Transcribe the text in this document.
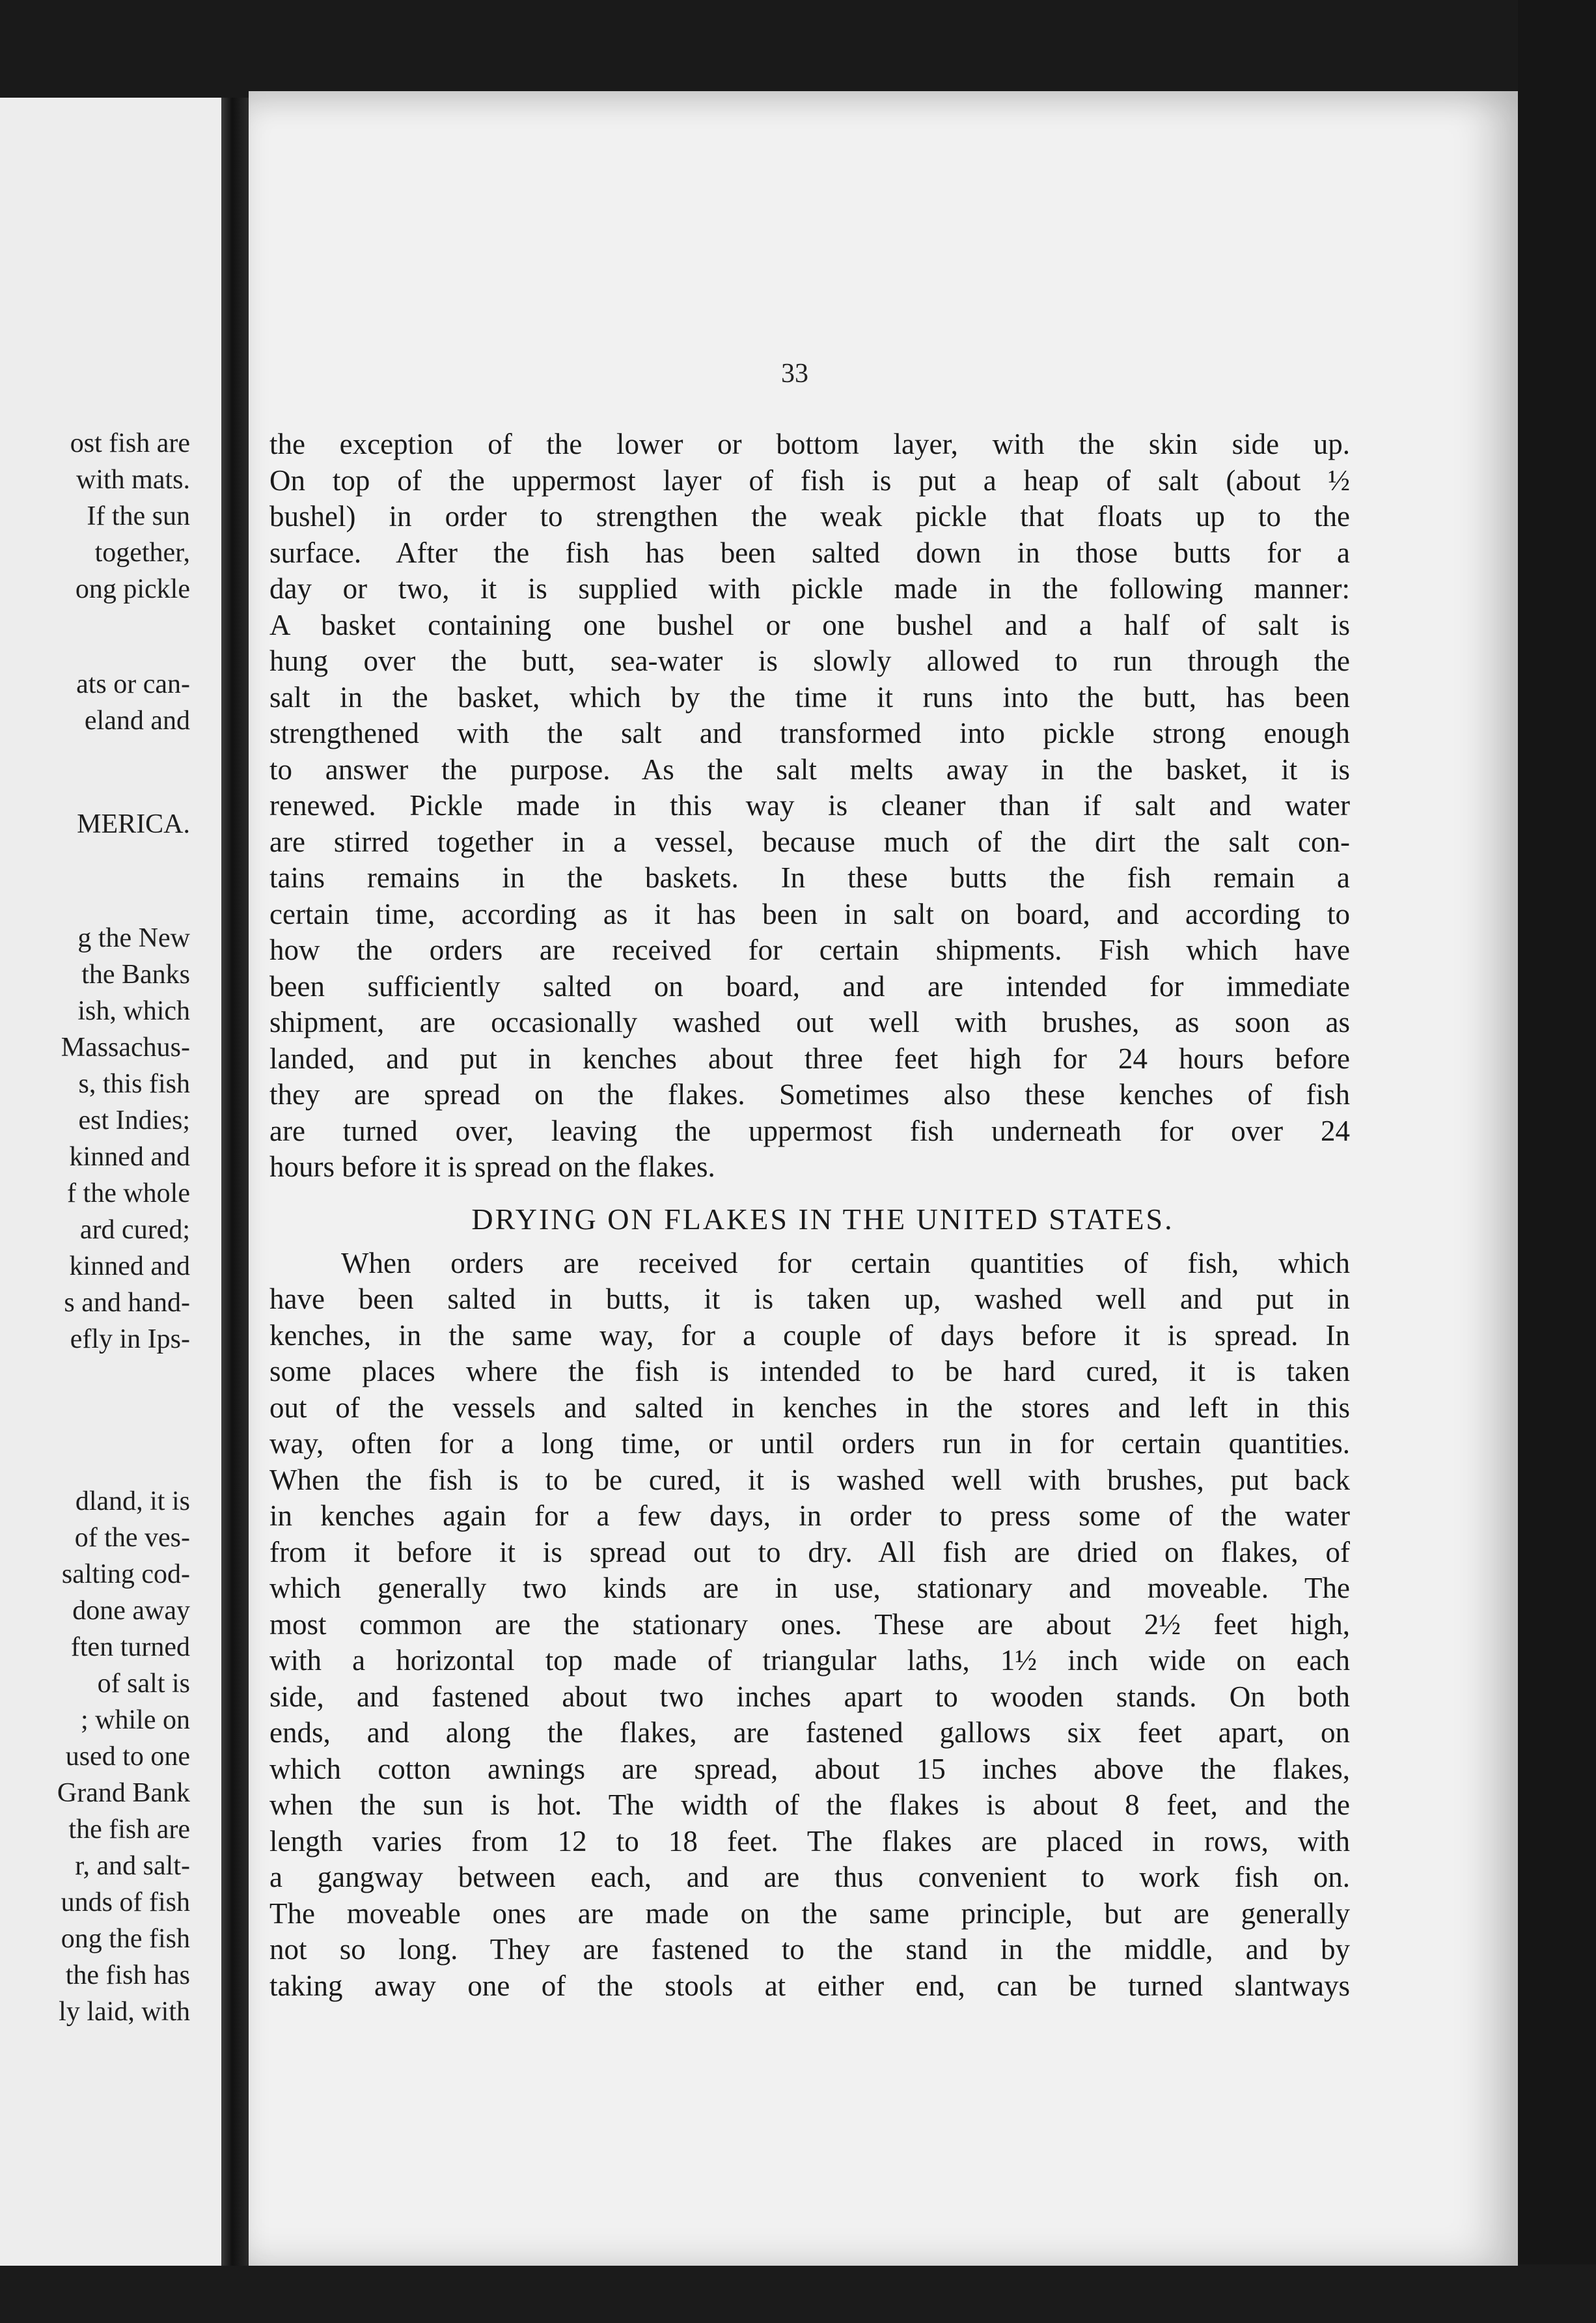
ost fish are
with mats.
If the sun
together,
ong pickle
ats or can-
eland and
MERICA.
g the New
the Banks
ish, which
Massachus-
s, this fish
est Indies;
kinned and
f the whole
ard cured;
kinned and
s and hand-
efly in Ips-
dland, it is
of the ves-
salting cod-
done away
ften turned
of salt is
; while on
used to one
Grand Bank
the fish are
r, and salt-
unds of fish
ong the fish
the fish has
ly laid, with
33
the exception of the lower or bottom layer, with the skin side up.
On top of the uppermost layer of fish is put a heap of salt (about ½
bushel) in order to strengthen the weak pickle that floats up to the
surface. After the fish has been salted down in those butts for a
day or two, it is supplied with pickle made in the following manner:
A basket containing one bushel or one bushel and a half of salt is
hung over the butt, sea-water is slowly allowed to run through the
salt in the basket, which by the time it runs into the butt, has been
strengthened with the salt and transformed into pickle strong enough
to answer the purpose. As the salt melts away in the basket, it is
renewed. Pickle made in this way is cleaner than if salt and water
are stirred together in a vessel, because much of the dirt the salt con-
tains remains in the baskets. In these butts the fish remain a
certain time, according as it has been in salt on board, and according to
how the orders are received for certain shipments. Fish which have
been sufficiently salted on board, and are intended for immediate
shipment, are occasionally washed out well with brushes, as soon as
landed, and put in kenches about three feet high for 24 hours before
they are spread on the flakes. Sometimes also these kenches of fish
are turned over, leaving the uppermost fish underneath for over 24
hours before it is spread on the flakes.
DRYING ON FLAKES IN THE UNITED STATES.
When orders are received for certain quantities of fish, which
have been salted in butts, it is taken up, washed well and put in
kenches, in the same way, for a couple of days before it is spread. In
some places where the fish is intended to be hard cured, it is taken
out of the vessels and salted in kenches in the stores and left in this
way, often for a long time, or until orders run in for certain quantities.
When the fish is to be cured, it is washed well with brushes, put back
in kenches again for a few days, in order to press some of the water
from it before it is spread out to dry. All fish are dried on flakes, of
which generally two kinds are in use, stationary and moveable. The
most common are the stationary ones. These are about 2½ feet high,
with a horizontal top made of triangular laths, 1½ inch wide on each
side, and fastened about two inches apart to wooden stands. On both
ends, and along the flakes, are fastened gallows six feet apart, on
which cotton awnings are spread, about 15 inches above the flakes,
when the sun is hot. The width of the flakes is about 8 feet, and the
length varies from 12 to 18 feet. The flakes are placed in rows, with
a gangway between each, and are thus convenient to work fish on.
The moveable ones are made on the same principle, but are generally
not so long. They are fastened to the stand in the middle, and by
taking away one of the stools at either end, can be turned slantways
